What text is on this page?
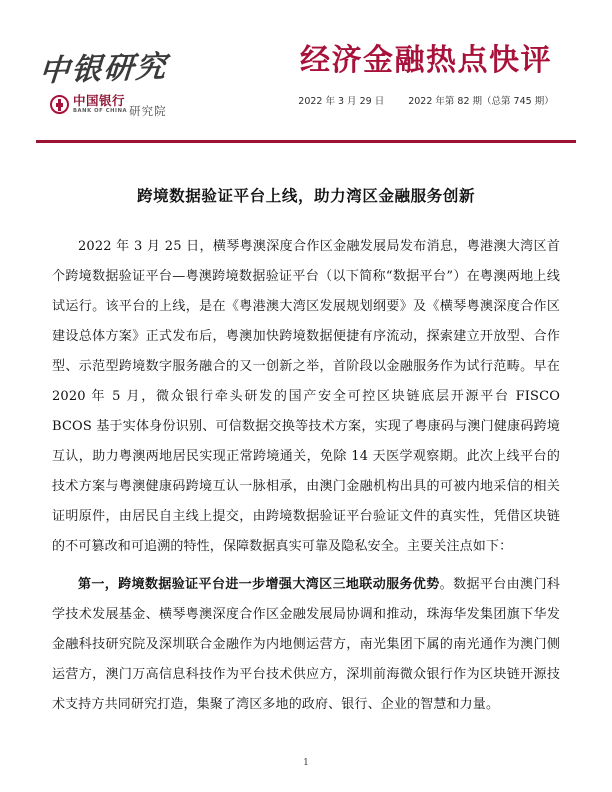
中银研究
中国银行
BANK OF CHINA 研究院
经济金融热点快评
2022 年 3 月 29 日	2022 年第 82 期（总第 745 期）
跨境数据验证平台上线，助力湾区金融服务创新

2022 年 3 月 25 日，横琴粤澳深度合作区金融发展局发布消息，粤港澳大湾区首个跨境数据验证平台—粤澳跨境数据验证平台（以下简称“数据平台”）在粤澳两地上线试运行。该平台的上线，是在《粤港澳大湾区发展规划纲要》及《横琴粤澳深度合作区建设总体方案》正式发布后，粤澳加快跨境数据便捷有序流动，探索建立开放型、合作型、示范型跨境数字服务融合的又一创新之举，首阶段以金融服务作为试行范畴。早在 2020 年 5 月，微众银行牵头研发的国产安全可控区块链底层开源平台 FISCO　BCOS 基于实体身份识别、可信数据交换等技术方案，实现了粤康码与澳门健康码跨境互认，助力粤澳两地居民实现正常跨境通关，免除 14 天医学观察期。此次上线平台的技术方案与粤澳健康码跨境互认一脉相承，由澳门金融机构出具的可被内地采信的相关证明原件，由居民自主线上提交，由跨境数据验证平台验证文件的真实性，凭借区块链的不可篡改和可追溯的特性，保障数据真实可靠及隐私安全。主要关注点如下：

第一，跨境数据验证平台进一步增强大湾区三地联动服务优势。数据平台由澳门科学技术发展基金、横琴粤澳深度合作区金融发展局协调和推动，珠海华发集团旗下华发金融科技研究院及深圳联合金融作为内地侧运营方，南光集团下属的南光通作为澳门侧运营方，澳门万高信息科技作为平台技术供应方，深圳前海微众银行作为区块链开源技术支持方共同研究打造，集聚了湾区多地的政府、银行、企业的智慧和力量。

1
